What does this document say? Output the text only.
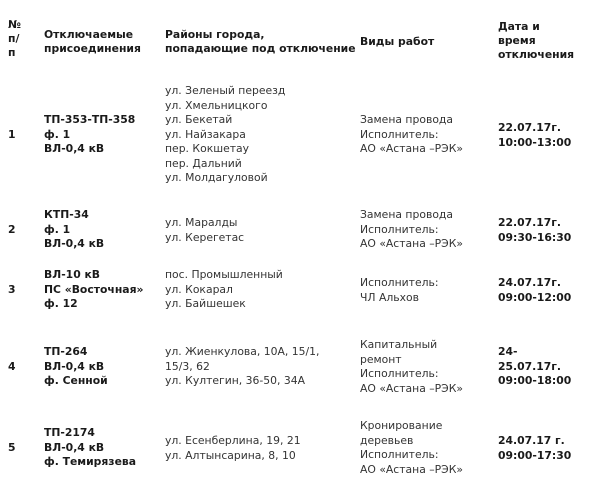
№
п/
п
Отключаемые
присоединения
Районы города,
попадающие под отключение
Виды работ
Дата и
время
отключения
1
ТП-353-ТП-358
ф. 1
ВЛ-0,4 кВ
ул. Зеленый переезд
ул. Хмельницкого
ул. Бекетай
ул. Найзакара
пер. Кокшетау
пер. Дальний
ул. Молдагуловой
Замена провода
Исполнитель:
АО «Астана –РЭК»
22.07.17г.
10:00-13:00
2
КТП-34
ф. 1
ВЛ-0,4 кВ
ул. Маралды
ул. Керегетас
Замена провода
Исполнитель:
АО «Астана –РЭК»
22.07.17г.
09:30-16:30
3
ВЛ-10 кВ
ПС «Восточная»
ф. 12
пос. Промышленный
ул. Кокарал
ул. Байшешек
Исполнитель:
ЧЛ Альхов
24.07.17г.
09:00-12:00
4
ТП-264
ВЛ-0,4 кВ
ф. Сенной
ул. Жиенкулова, 10А, 15/1,
15/3, 62
ул. Култегин, 36-50, 34А
Капитальный
ремонт
Исполнитель:
АО «Астана –РЭК»
24-
25.07.17г.
09:00-18:00
5
ТП-2174
ВЛ-0,4 кВ
ф. Темирязева
ул. Есенберлина, 19, 21
ул. Алтынсарина, 8, 10
Кронирование
деревьев
Исполнитель:
АО «Астана –РЭК»
24.07.17 г.
09:00-17:30
